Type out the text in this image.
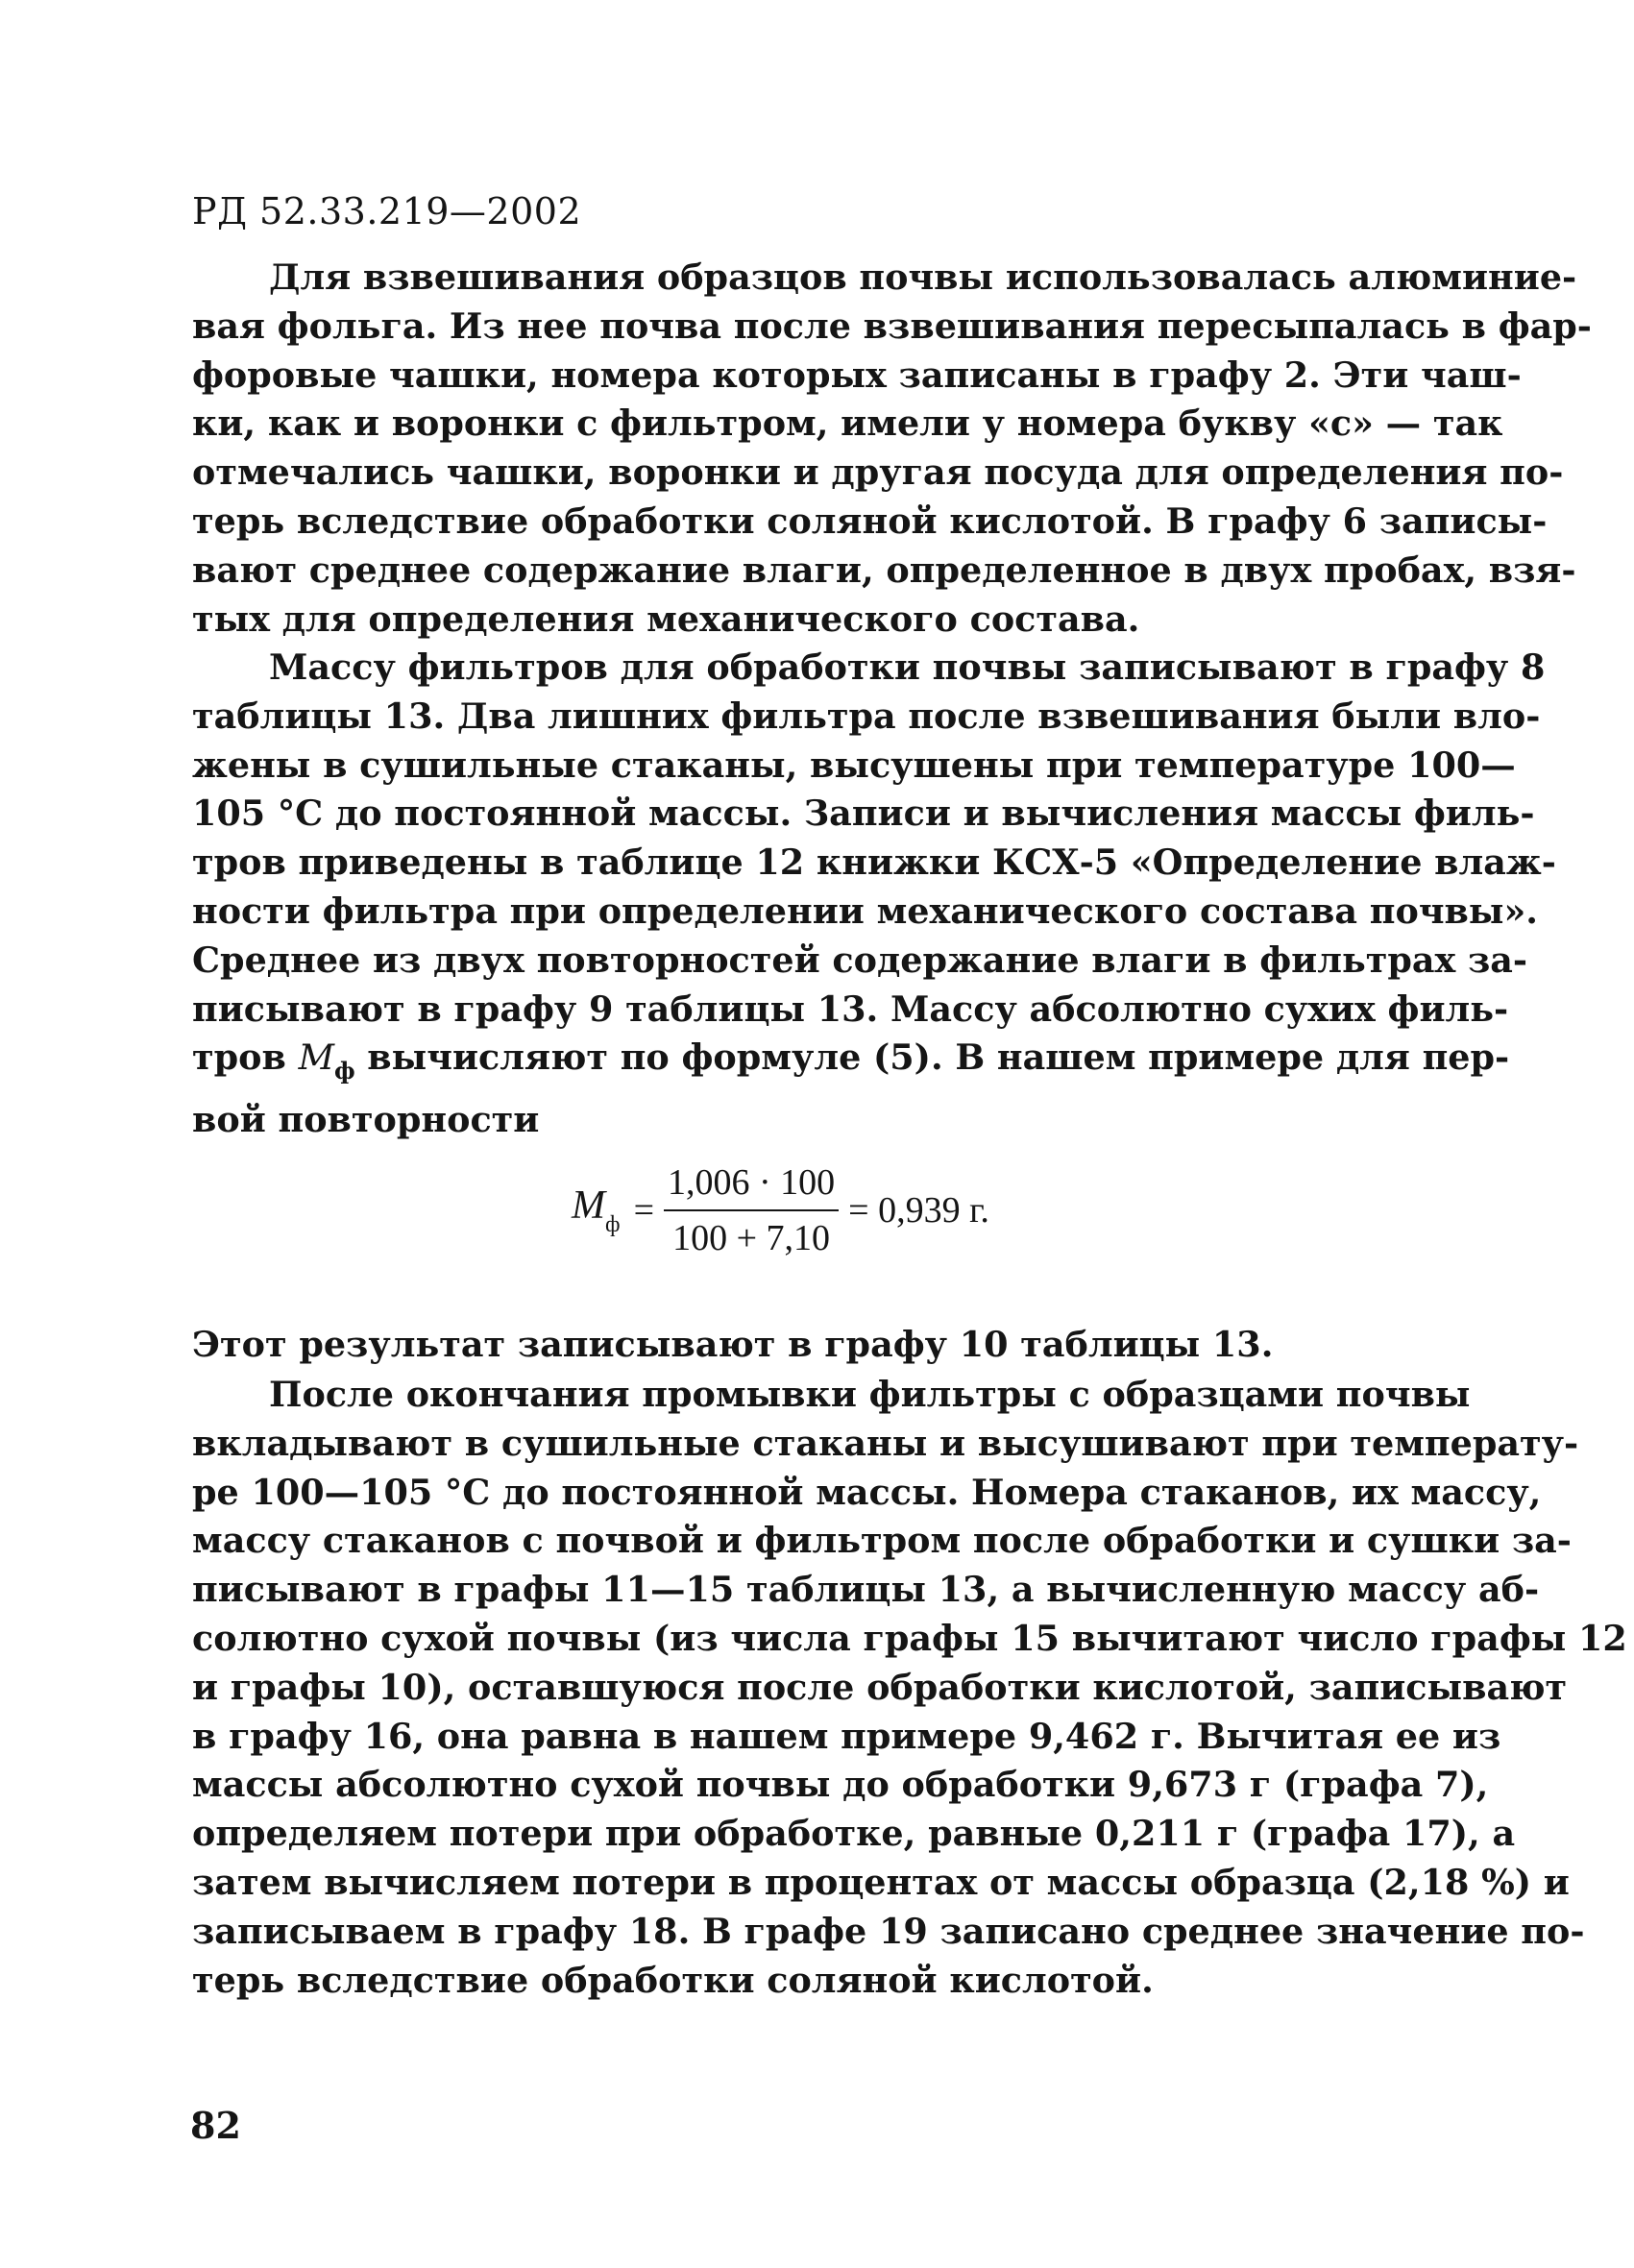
РД 52.33.219—2002
Для взвешивания образцов почвы использовалась алюминие-
вая фольга. Из нее почва после взвешивания пересыпалась в фар-
форовые чашки, номера которых записаны в графу 2. Эти чаш-
ки, как и воронки с фильтром, имели у номера букву «с» — так
отмечались чашки, воронки и другая посуда для определения по-
терь вследствие обработки соляной кислотой. В графу 6 записы-
вают среднее содержание влаги, определенное в двух пробах, взя-
тых для определения механического состава.
Массу фильтров для обработки почвы записывают в графу 8
таблицы 13. Два лишних фильтра после взвешивания были вло-
жены в сушильные стаканы, высушены при температуре 100—
105 °С до постоянной массы. Записи и вычисления массы филь-
тров приведены в таблице 12 книжки КСХ-5 «Определение влаж-
ности фильтра при определении механического состава почвы».
Среднее из двух повторностей содержание влаги в фильтрах за-
писывают в графу 9 таблицы 13. Массу абсолютно сухих филь-
тров $M_ф$ вычисляют по формуле (5). В нашем примере для пер-
вой повторности
$M_ф = \frac{1,006 \cdot 100}{100 + 7,10} = 0,939$ г.
Этот результат записывают в графу 10 таблицы 13.
После окончания промывки фильтры с образцами почвы
вкладывают в сушильные стаканы и высушивают при температу-
ре 100—105 °С до постоянной массы. Номера стаканов, их массу,
массу стаканов с почвой и фильтром после обработки и сушки за-
писывают в графы 11—15 таблицы 13, а вычисленную массу аб-
солютно сухой почвы (из числа графы 15 вычитают число графы 12
и графы 10), оставшуюся после обработки кислотой, записывают
в графу 16, она равна в нашем примере 9,462 г. Вычитая ее из
массы абсолютно сухой почвы до обработки 9,673 г (графа 7),
определяем потери при обработке, равные 0,211 г (графа 17), а
затем вычисляем потери в процентах от массы образца (2,18 %) и
записываем в графу 18. В графе 19 записано среднее значение по-
терь вследствие обработки соляной кислотой.
82
